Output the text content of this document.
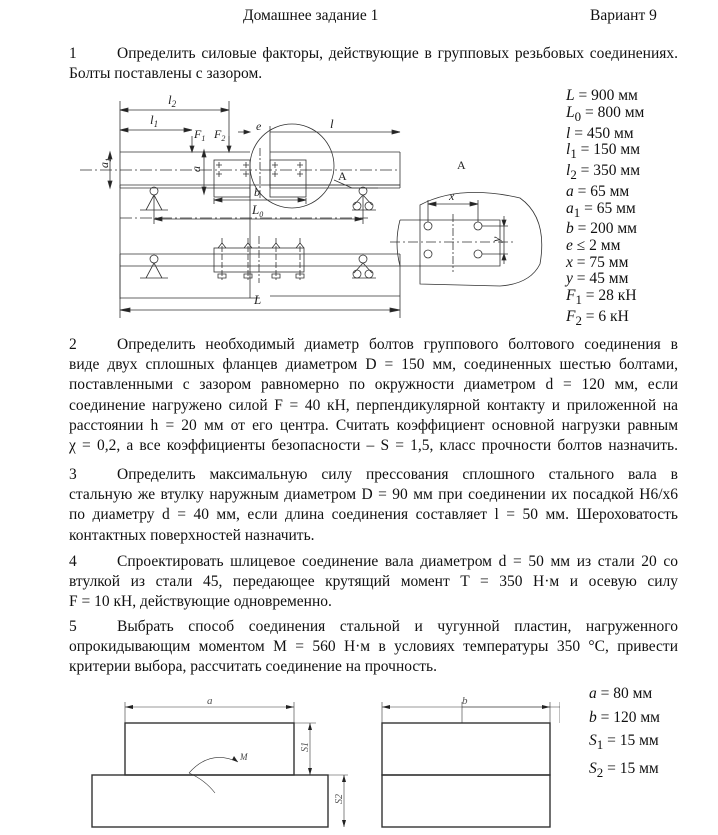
Домашнее задание 1	Вариант 9
1	Определить силовые факторы, действующие в групповых резьбовых соединениях.
Болты поставлены с зазором.
A
$l_2$
$l_1$
$F_1$ $F_2$
e	l
$a_1$
a
b
$L_0$
L
A
x
y
L = 900 мм
$L_0 = 800$ мм
l = 450 мм
$l_1 = 150$ мм
$l_2 = 350$ мм
a = 65 мм
$a_1 = 65$ мм
b = 200 мм
e ≤ 2 мм
x = 75 мм
y = 45 мм
$F_1 = 28$ кН
$F_2 = 6$ кН
2	Определить необходимый диаметр болтов группового болтового соединения в
виде двух сплошных фланцев диаметром D = 150 мм, соединенных шестью болтами,
поставленными с зазором равномерно по окружности диаметром d = 120 мм, если
соединение нагружено силой F = 40 кН, перпендикулярной контакту и приложенной на
расстоянии h = 20 мм от его центра. Считать коэффициент основной нагрузки равным
χ = 0,2, а все коэффициенты безопасности – S = 1,5, класс прочности болтов назначить.
3	Определить максимальную силу прессования сплошного стального вала в
стальную же втулку наружным диаметром D = 90 мм при соединении их посадкой H6/x6
по диаметру d = 40 мм, если длина соединения составляет l = 50 мм. Шероховатость
контактных поверхностей назначить.
4	Спроектировать шлицевое соединение вала диаметром d = 50 мм из стали 20 со
втулкой из стали 45, передающее крутящий момент T = 350 Н·м и осевую силу
F = 10 кН, действующие одновременно.
5	Выбрать способ соединения стальной и чугунной пластин, нагруженного
опрокидывающим моментом M = 560 Н·м в условиях температуры 350 °С, привести
критерии выбора, рассчитать соединение на прочность.
a
M
S1
S2
b	a = 80 мм
b = 120 мм
$S_1 = 15$ мм
$S_2 = 15$ мм
